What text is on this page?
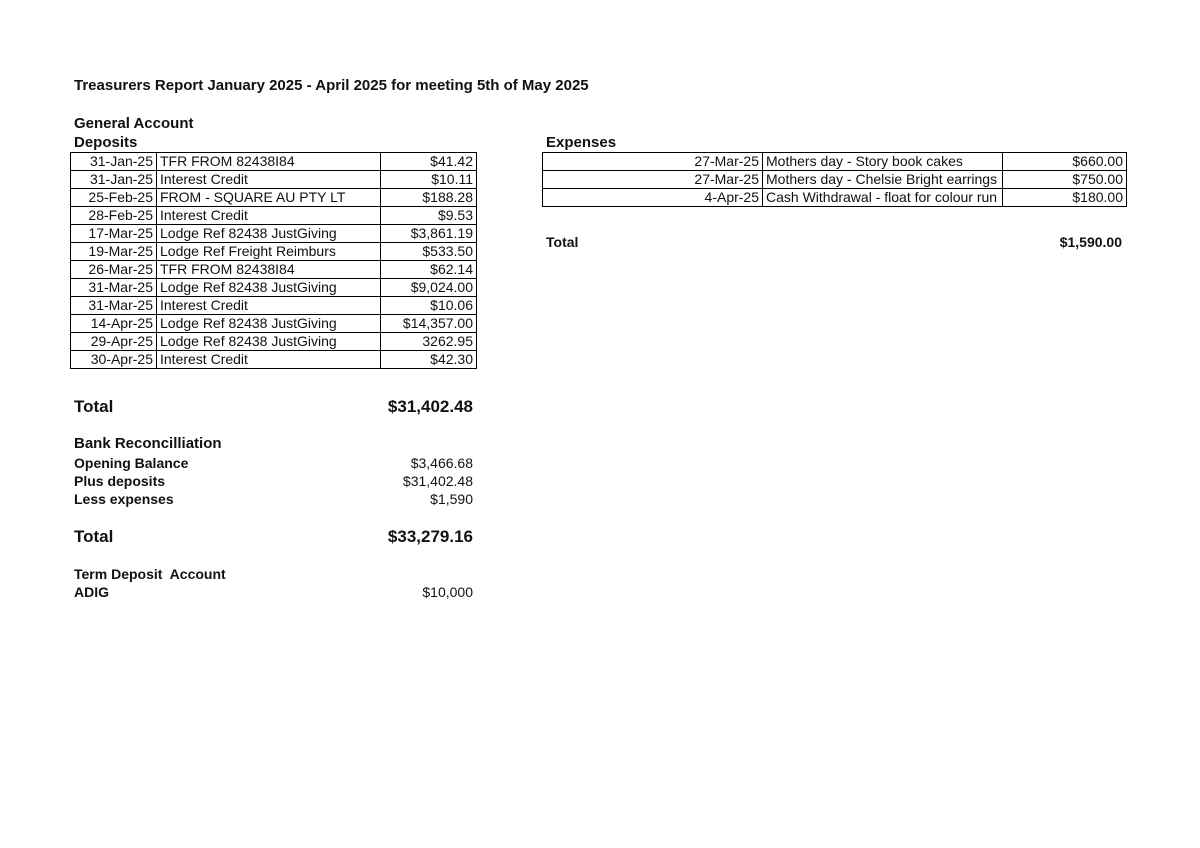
Treasurers Report January 2025 - April 2025 for meeting 5th of May 2025
General Account
Deposits	Expenses
31-Jan-25	TFR FROM 82438I84	$41.42
31-Jan-25	Interest Credit	$10.11
25-Feb-25	FROM - SQUARE AU PTY LT	$188.28
28-Feb-25	Interest Credit	$9.53
17-Mar-25	Lodge Ref 82438 JustGiving	$3,861.19
19-Mar-25	Lodge Ref Freight Reimburs	$533.50
26-Mar-25	TFR FROM 82438I84	$62.14
31-Mar-25	Lodge Ref 82438 JustGiving	$9,024.00
31-Mar-25	Interest Credit	$10.06
14-Apr-25	Lodge Ref 82438 JustGiving	$14,357.00
29-Apr-25	Lodge Ref 82438 JustGiving	3262.95
30-Apr-25	Interest Credit	$42.30
27-Mar-25	Mothers day - Story book cakes	$660.00
27-Mar-25	Mothers day - Chelsie Bright earrings	$750.00
4-Apr-25	Cash Withdrawal - float for colour run	$180.00
Total	$1,590.00
Total	$31,402.48
Bank Reconcilliation
Opening Balance	$3,466.68
Plus deposits	$31,402.48
Less expenses	$1,590
Total	$33,279.16
Term Deposit  Account
ADIG	$10,000
